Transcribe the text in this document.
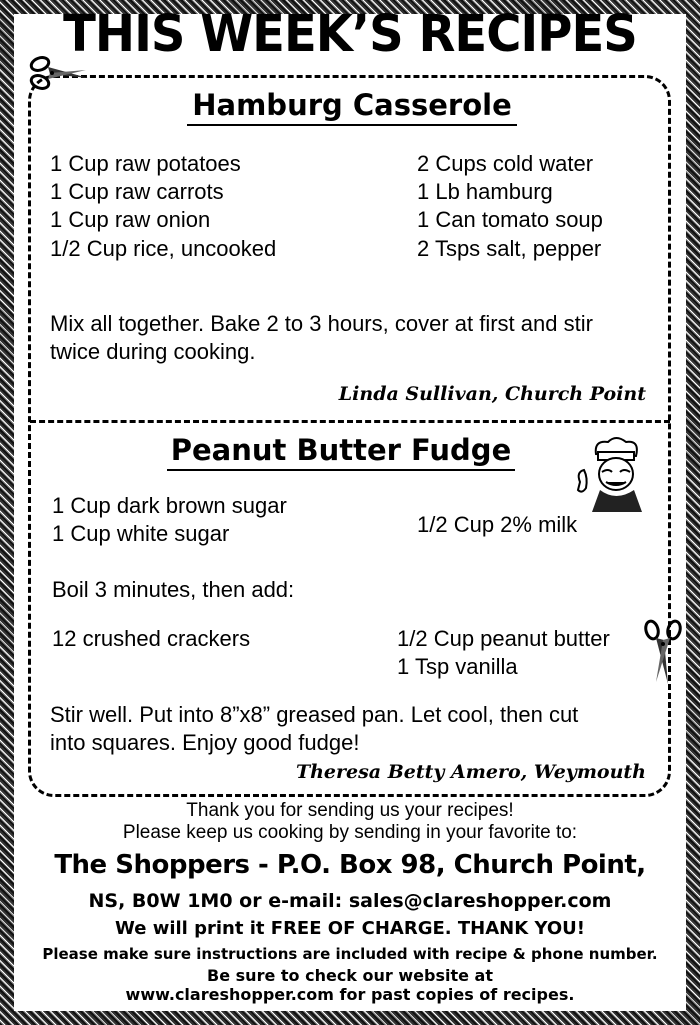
THIS WEEK’S RECIPES
Hamburg Casserole
1 Cup raw potatoes
1 Cup raw carrots
1 Cup raw onion
1/2 Cup rice, uncooked
2 Cups cold water
1 Lb hamburg
1 Can tomato soup
2 Tsps salt, pepper
Mix all together. Bake 2 to 3 hours, cover at first and stir
twice during cooking.
Linda Sullivan, Church Point
Peanut Butter Fudge
1 Cup dark brown sugar
1 Cup white sugar	1/2 Cup 2% milk
Boil 3 minutes, then add:
12 crushed crackers	1/2 Cup peanut butter
1 Tsp vanilla
Stir well. Put into 8”x8” greased pan. Let cool, then cut
into squares. Enjoy good fudge!
Theresa Betty Amero, Weymouth
Thank you for sending us your recipes!
Please keep us cooking by sending in your favorite to:
The Shoppers - P.O. Box 98, Church Point,
NS, B0W 1M0 or e-mail: sales@clareshopper.com
We will print it FREE OF CHARGE. THANK YOU!
Please make sure instructions are included with recipe & phone number.
Be sure to check our website at
www.clareshopper.com for past copies of recipes.
